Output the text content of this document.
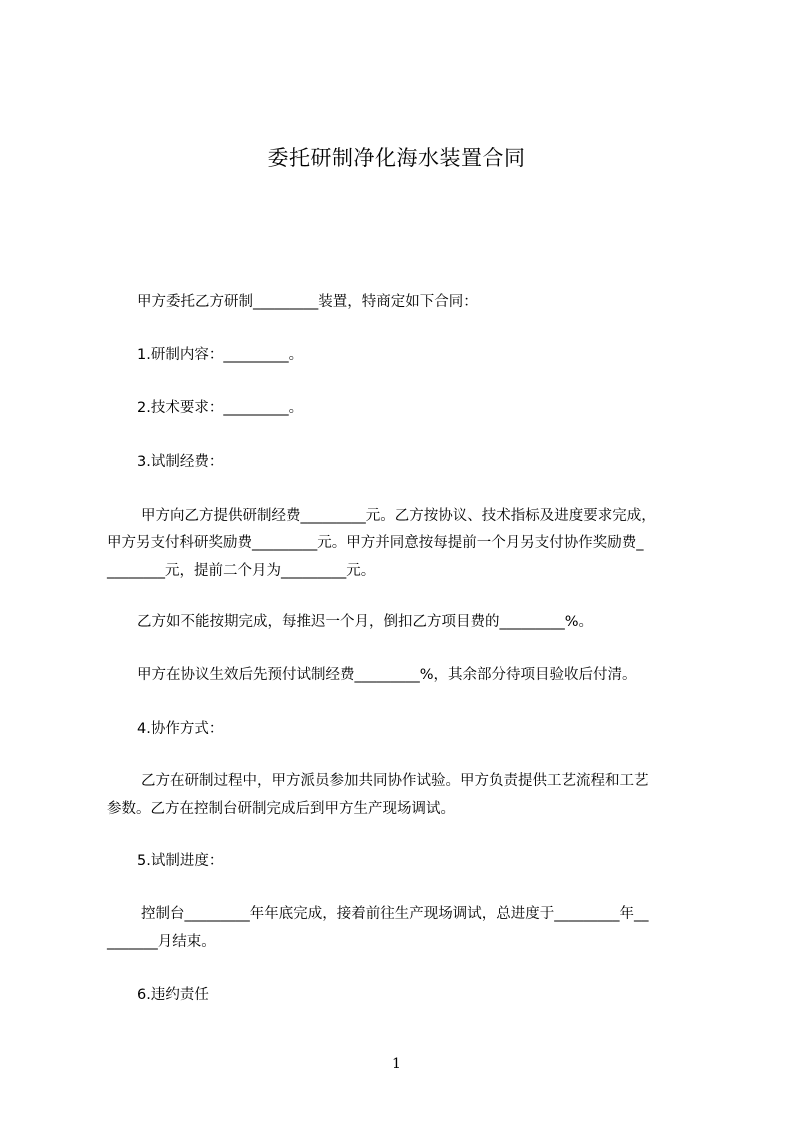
委托研制净化海水装置合同
甲方委托乙方研制_________装置，特商定如下合同：
1.研制内容：_________。
2.技术要求：_________。
3.试制经费：
甲方向乙方提供研制经费_________元。乙方按协议、技术指标及进度要求完成，
甲方另支付科研奖励费_________元。甲方并同意按每提前一个月另支付协作奖励费_
________元，提前二个月为_________元。
乙方如不能按期完成，每推迟一个月，倒扣乙方项目费的_________%。
甲方在协议生效后先预付试制经费_________%，其余部分待项目验收后付清。
4.协作方式：
乙方在研制过程中，甲方派员参加共同协作试验。甲方负责提供工艺流程和工艺
参数。乙方在控制台研制完成后到甲方生产现场调试。
5.试制进度：
控制台_________年年底完成，接着前往生产现场调试，总进度于_________年__
_______月结束。
6.违约责任
1
